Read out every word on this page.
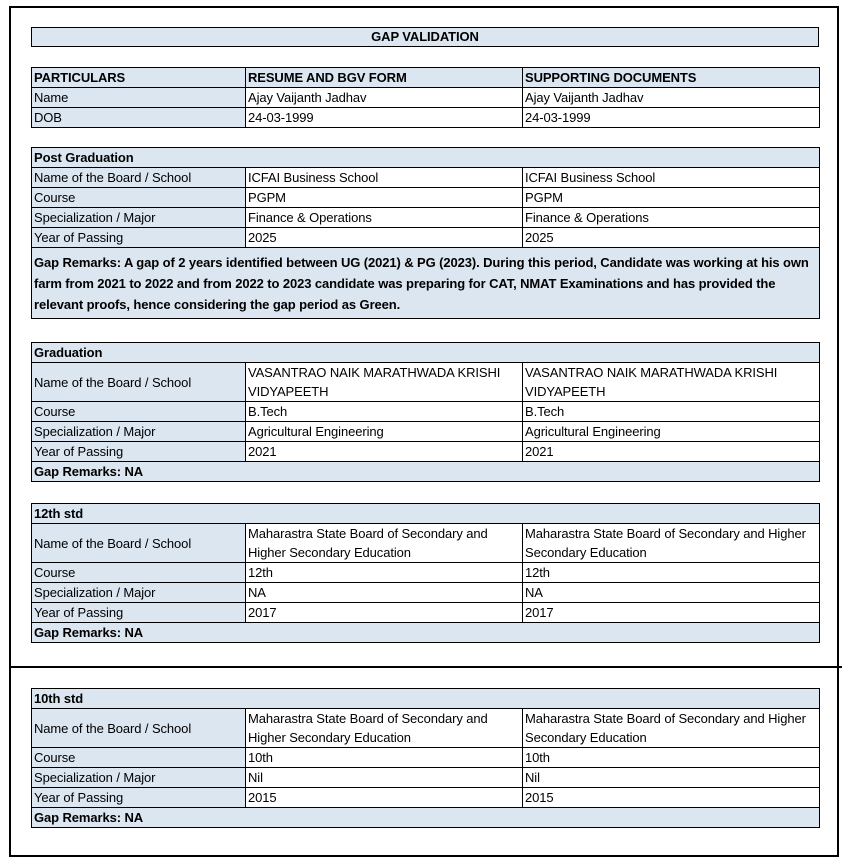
GAP VALIDATION
PARTICULARS	RESUME AND BGV FORM	SUPPORTING DOCUMENTS
Name	Ajay Vaijanth Jadhav	Ajay Vaijanth Jadhav
DOB	24-03-1999	24-03-1999
Post Graduation		
Name of the Board / School	ICFAI Business School	ICFAI Business School
Course	PGPM	PGPM
Specialization / Major	Finance & Operations	Finance & Operations
Year of Passing	2025	2025
Gap Remarks: A gap of 2 years identified between UG (2021) & PG (2023). During this period, Candidate was working at his own farm from 2021 to 2022 and from 2022 to 2023 candidate was preparing for CAT, NMAT Examinations and has provided the relevant proofs, hence considering the gap period as Green.		
Graduation		
Name of the Board / School	VASANTRAO NAIK MARATHWADA KRISHI VIDYAPEETH	VASANTRAO NAIK MARATHWADA KRISHI VIDYAPEETH
Course	B.Tech	B.Tech
Specialization / Major	Agricultural Engineering	Agricultural Engineering
Year of Passing	2021	2021
Gap Remarks: NA		
12th std		
Name of the Board / School	Maharastra State Board of Secondary and Higher Secondary Education	Maharastra State Board of Secondary and Higher Secondary Education
Course	12th	12th
Specialization / Major	NA	NA
Year of Passing	2017	2017
Gap Remarks: NA		
10th std		
Name of the Board / School	Maharastra State Board of Secondary and Higher Secondary Education	Maharastra State Board of Secondary and Higher Secondary Education
Course	10th	10th
Specialization / Major	Nil	Nil
Year of Passing	2015	2015
Gap Remarks: NA		
